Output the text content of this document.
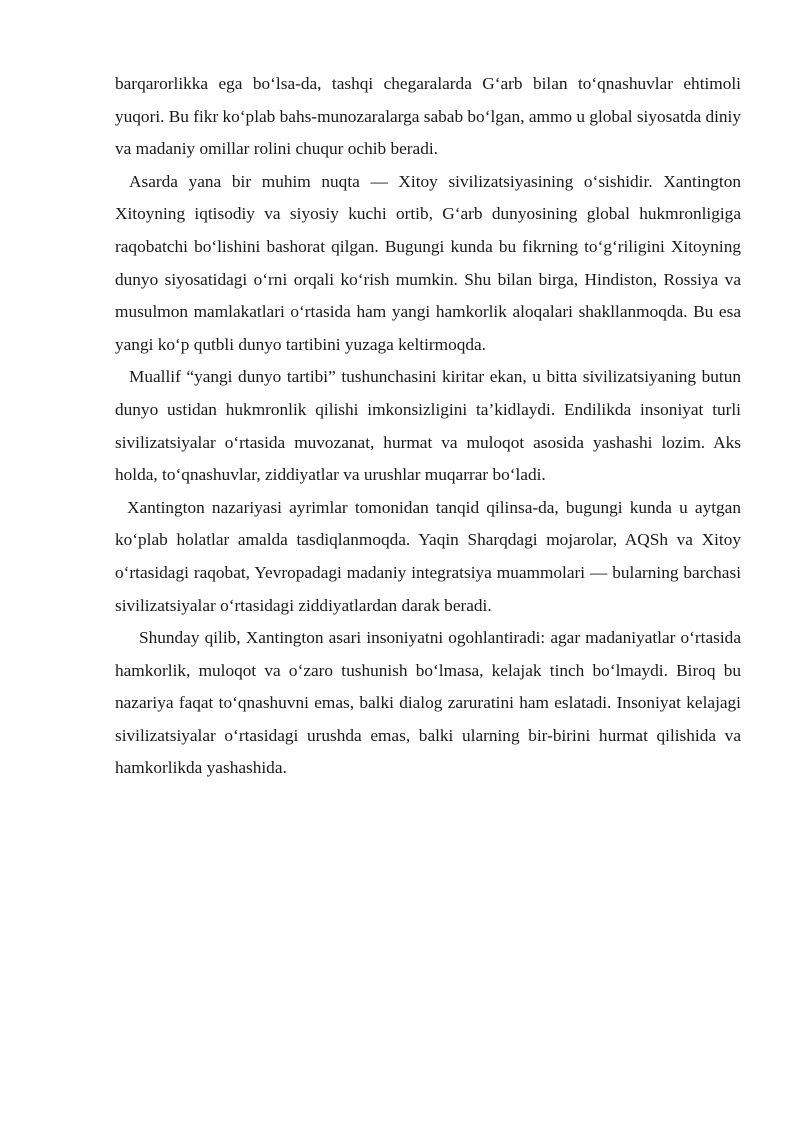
barqarorlikka ega bo‘lsa-da, tashqi chegaralarda G‘arb bilan to‘qnashuvlar ehtimoli yuqori. Bu fikr ko‘plab bahs-munozaralarga sabab bo‘lgan, ammo u global siyosatda diniy va madaniy omillar rolini chuqur ochib beradi.

Asarda yana bir muhim nuqta — Xitoy sivilizatsiyasining o‘sishidir. Xantington Xitoyning iqtisodiy va siyosiy kuchi ortib, G‘arb dunyosining global hukmronligiga raqobatchi bo‘lishini bashorat qilgan. Bugungi kunda bu fikrning to‘g‘riligini Xitoyning dunyo siyosatidagi o‘rni orqali ko‘rish mumkin. Shu bilan birga, Hindiston, Rossiya va musulmon mamlakatlari o‘rtasida ham yangi hamkorlik aloqalari shakllanmoqda. Bu esa yangi ko‘p qutbli dunyo tartibini yuzaga keltirmoqda.

Muallif “yangi dunyo tartibi” tushunchasini kiritar ekan, u bitta sivilizatsiyaning butun dunyo ustidan hukmronlik qilishi imkonsizligini ta’kidlaydi. Endilikda insoniyat turli sivilizatsiyalar o‘rtasida muvozanat, hurmat va muloqot asosida yashashi lozim. Aks holda, to‘qnashuvlar, ziddiyatlar va urushlar muqarrar bo‘ladi.

Xantington nazariyasi ayrimlar tomonidan tanqid qilinsa-da, bugungi kunda u aytgan ko‘plab holatlar amalda tasdiqlanmoqda. Yaqin Sharqdagi mojarolar, AQSh va Xitoy o‘rtasidagi raqobat, Yevropadagi madaniy integratsiya muammolari — bularning barchasi sivilizatsiyalar o‘rtasidagi ziddiyatlardan darak beradi.

Shunday qilib, Xantington asari insoniyatni ogohlantiradi: agar madaniyatlar o‘rtasida hamkorlik, muloqot va o‘zaro tushunish bo‘lmasa, kelajak tinch bo‘lmaydi. Biroq bu nazariya faqat to‘qnashuvni emas, balki dialog zaruratini ham eslatadi. Insoniyat kelajagi sivilizatsiyalar o‘rtasidagi urushda emas, balki ularning bir-birini hurmat qilishida va hamkorlikda yashashida.
